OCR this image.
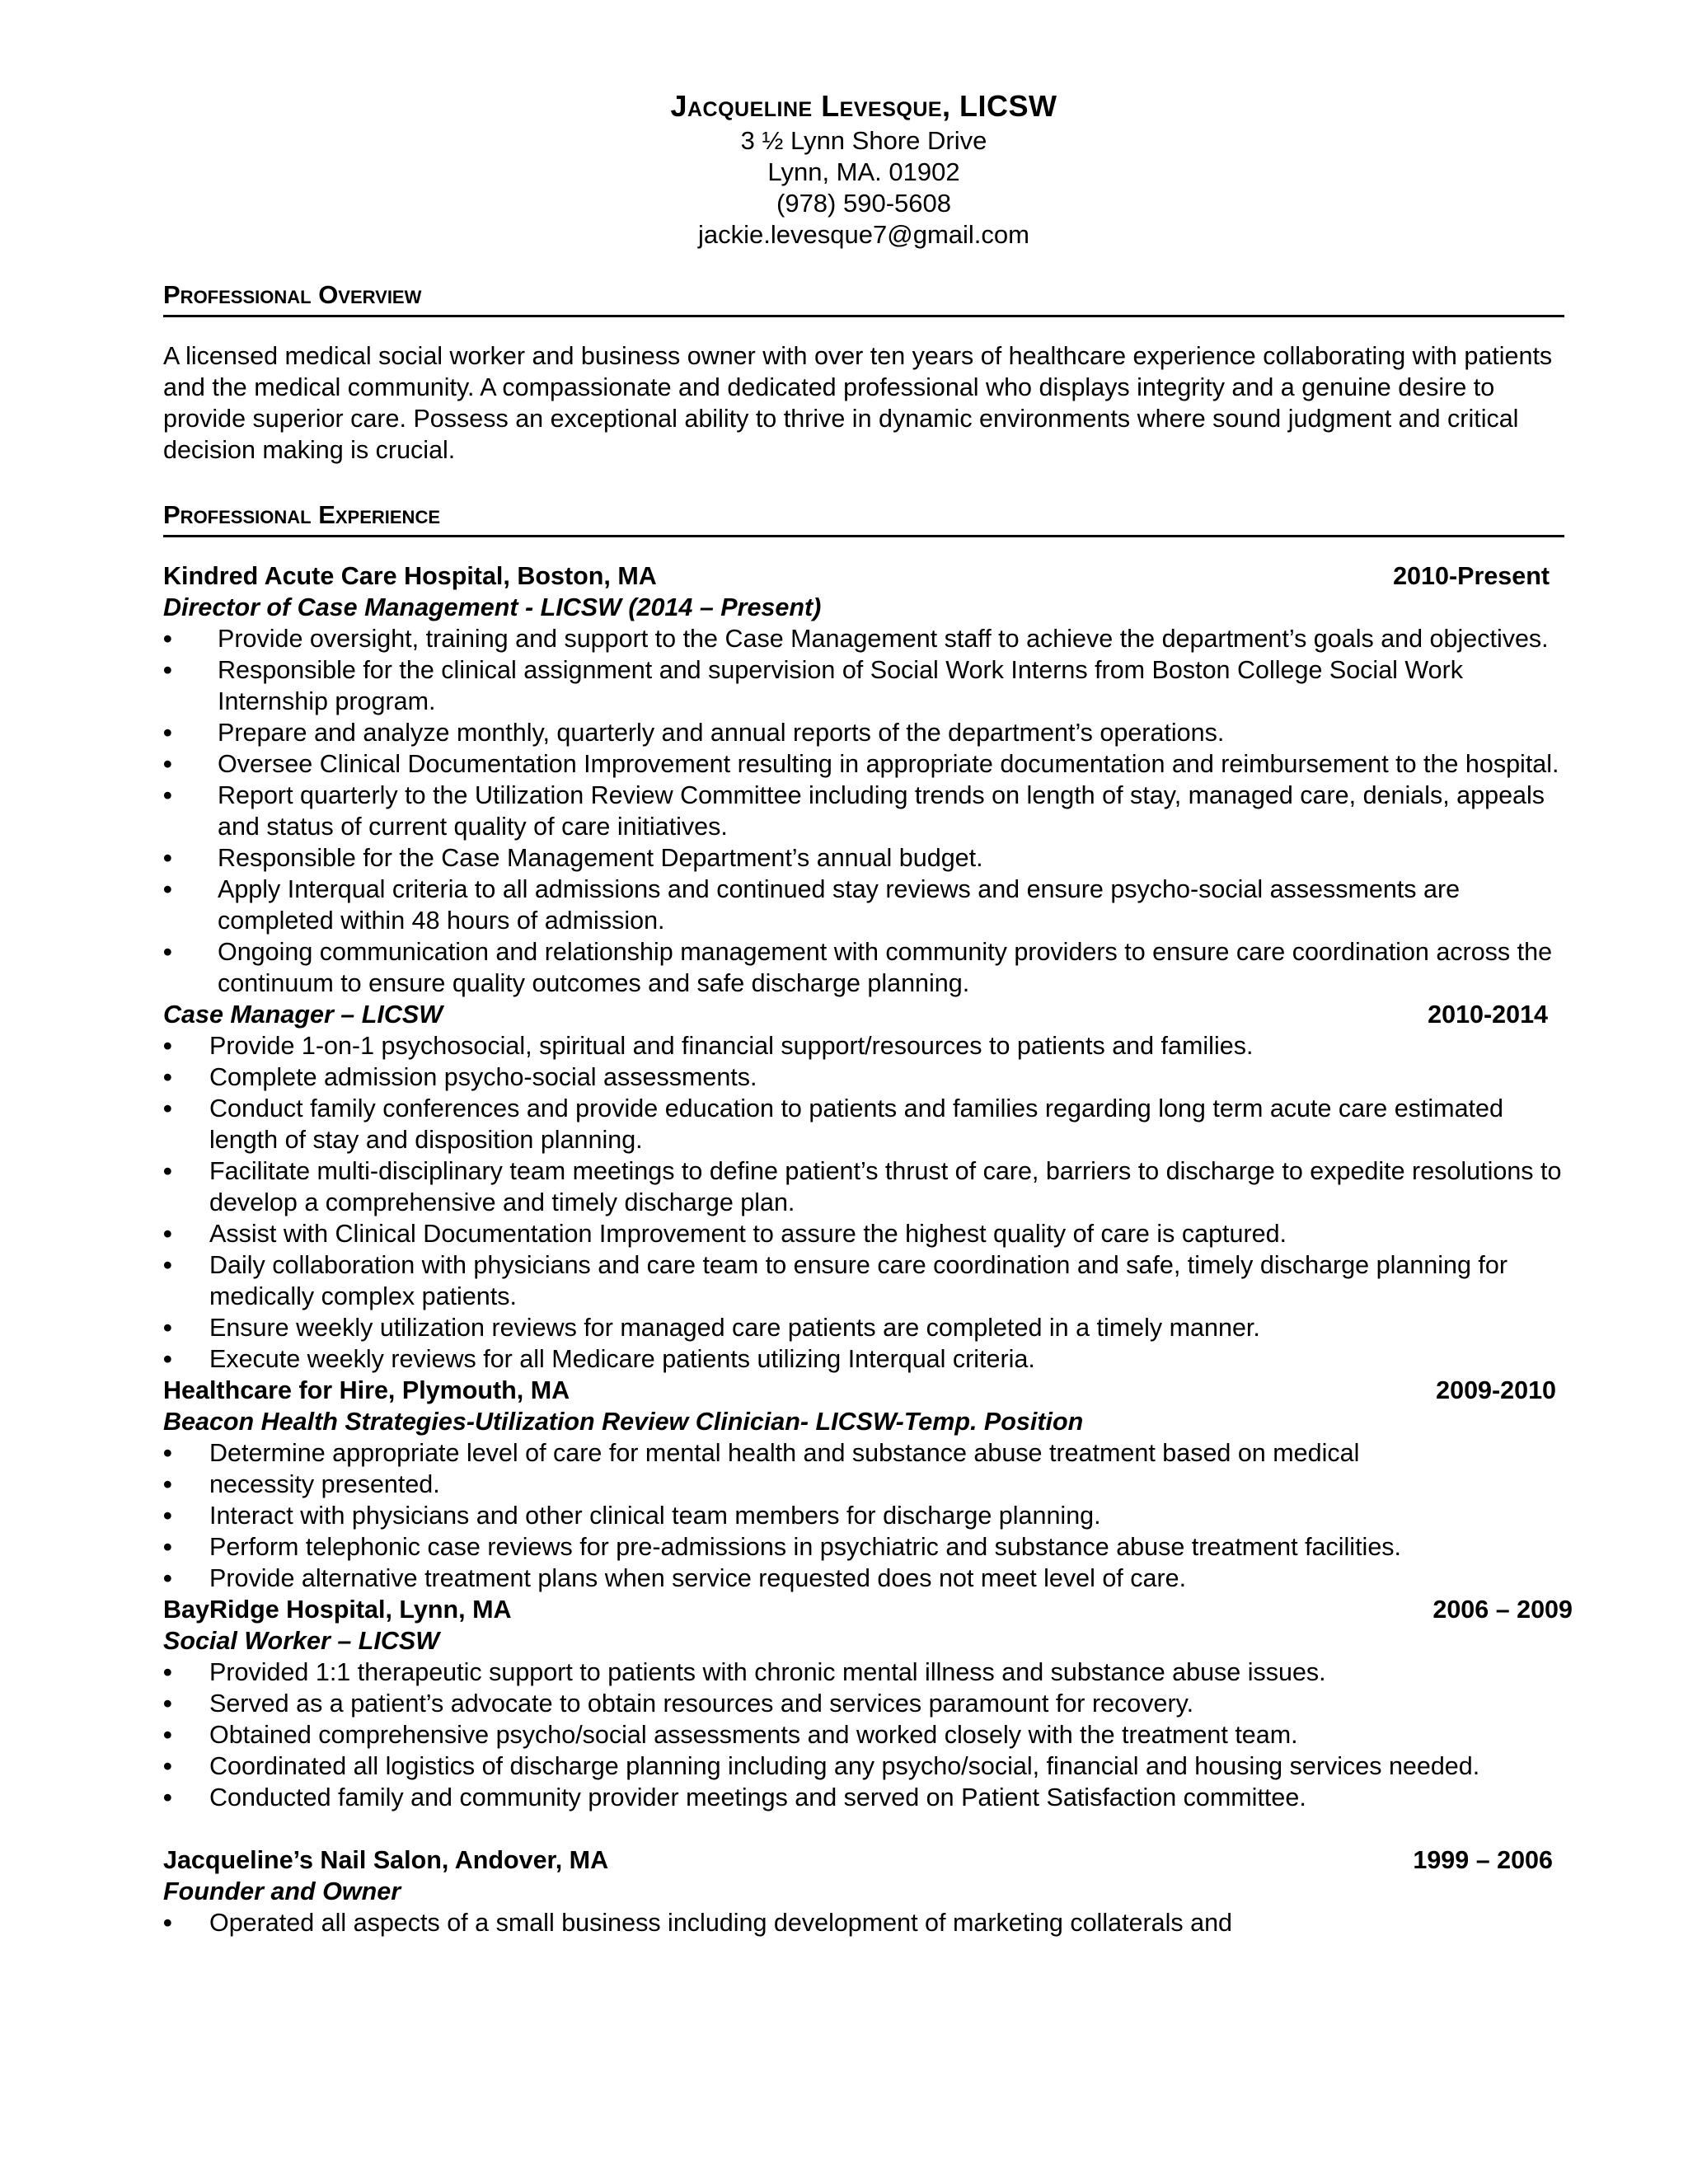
Jacqueline Levesque, LICSW
3 ½ Lynn Shore Drive
Lynn, MA. 01902
(978) 590-5608
jackie.levesque7@gmail.com
Professional Overview
A licensed medical social worker and business owner with over ten years of healthcare experience collaborating with patients and the medical community. A compassionate and dedicated professional who displays integrity and a genuine desire to provide superior care. Possess an exceptional ability to thrive in dynamic environments where sound judgment and critical decision making is crucial.
Professional Experience
Kindred Acute Care Hospital, Boston, MA	2010-Present
Director of Case Management - LICSW (2014 – Present)
• Provide oversight, training and support to the Case Management staff to achieve the department’s goals and objectives.
• Responsible for the clinical assignment and supervision of Social Work Interns from Boston College Social Work Internship program.
• Prepare and analyze monthly, quarterly and annual reports of the department’s operations.
• Oversee Clinical Documentation Improvement resulting in appropriate documentation and reimbursement to the hospital.
• Report quarterly to the Utilization Review Committee including trends on length of stay, managed care, denials, appeals and status of current quality of care initiatives.
• Responsible for the Case Management Department’s annual budget.
• Apply Interqual criteria to all admissions and continued stay reviews and ensure psycho-social assessments are completed within 48 hours of admission.
• Ongoing communication and relationship management with community providers to ensure care coordination across the continuum to ensure quality outcomes and safe discharge planning.
Case Manager – LICSW	2010-2014
• Provide 1-on-1 psychosocial, spiritual and financial support/resources to patients and families.
• Complete admission psycho-social assessments.
• Conduct family conferences and provide education to patients and families regarding long term acute care estimated length of stay and disposition planning.
• Facilitate multi-disciplinary team meetings to define patient’s thrust of care, barriers to discharge to expedite resolutions to develop a comprehensive and timely discharge plan.
• Assist with Clinical Documentation Improvement to assure the highest quality of care is captured.
• Daily collaboration with physicians and care team to ensure care coordination and safe, timely discharge planning for medically complex patients.
• Ensure weekly utilization reviews for managed care patients are completed in a timely manner.
• Execute weekly reviews for all Medicare patients utilizing Interqual criteria.
Healthcare for Hire, Plymouth, MA	2009-2010
Beacon Health Strategies-Utilization Review Clinician- LICSW-Temp. Position
• Determine appropriate level of care for mental health and substance abuse treatment based on medical
• necessity presented.
• Interact with physicians and other clinical team members for discharge planning.
• Perform telephonic case reviews for pre-admissions in psychiatric and substance abuse treatment facilities.
• Provide alternative treatment plans when service requested does not meet level of care.
BayRidge Hospital, Lynn, MA	2006 – 2009
Social Worker – LICSW
• Provided 1:1 therapeutic support to patients with chronic mental illness and substance abuse issues.
• Served as a patient’s advocate to obtain resources and services paramount for recovery.
• Obtained comprehensive psycho/social assessments and worked closely with the treatment team.
• Coordinated all logistics of discharge planning including any psycho/social, financial and housing services needed.
• Conducted family and community provider meetings and served on Patient Satisfaction committee.
Jacqueline’s Nail Salon, Andover, MA	1999 – 2006
Founder and Owner
• Operated all aspects of a small business including development of marketing collaterals and
